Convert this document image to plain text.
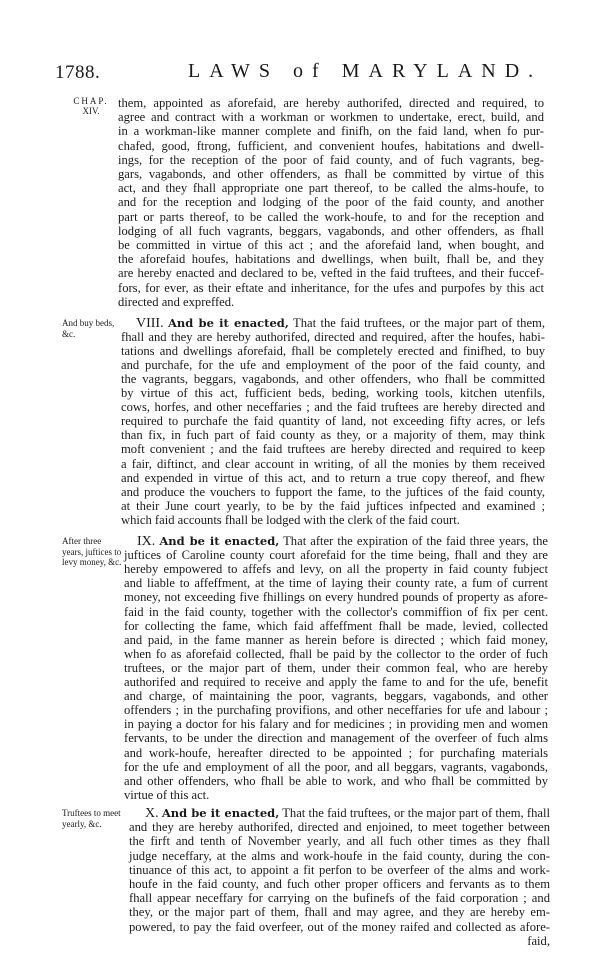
1788.	LAWS of MARYLAND.
CHAP.
XIV.
them, appointed as aforefaid, are hereby authorifed, directed and required, to
agree and contract with a workman or workmen to undertake, erect, build, and
in a workman-like manner complete and finifh, on the faid land, when fo pur-
chafed, good, ftrong, fufficient, and convenient houfes, habitations and dwell-
ings, for the reception of the poor of faid county, and of fuch vagrants, beg-
gars, vagabonds, and other offenders, as fhall be committed by virtue of this
act, and they fhall appropriate one part thereof, to be called the alms-houfe, to
and for the reception and lodging of the poor of the faid county, and another
part or parts thereof, to be called the work-houfe, to and for the reception and
lodging of all fuch vagrants, beggars, vagabonds, and other offenders, as fhall
be committed in virtue of this act ; and the aforefaid land, when bought, and
the aforefaid houfes, habitations and dwellings, when built, fhall be, and they
are hereby enacted and declared to be, vefted in the faid truftees, and their fuccef-
fors, for ever, as their eftate and inheritance, for the ufes and purpofes by this act
directed and expreffed.
And buy beds, &c.
VIII. And be it enacted, That the faid truftees, or the major part of them,
fhall and they are hereby authorifed, directed and required, after the houfes, habi-
tations and dwellings aforefaid, fhall be completely erected and finifhed, to buy
and purchafe, for the ufe and employment of the poor of the faid county, and
the vagrants, beggars, vagabonds, and other offenders, who fhall be committed
by virtue of this act, fufficient beds, beding, working tools, kitchen utenfils,
cows, horfes, and other neceffaries ; and the faid truftees are hereby directed and
required to purchafe the faid quantity of land, not exceeding fifty acres, or lefs
than fix, in fuch part of faid county as they, or a majority of them, may think
moft convenient ; and the faid truftees are hereby directed and required to keep
a fair, diftinct, and clear account in writing, of all the monies by them received
and expended in virtue of this act, and to return a true copy thereof, and fhew
and produce the vouchers to fupport the fame, to the juftices of the faid county,
at their June court yearly, to be by the faid juftices infpected and examined ;
which faid accounts fhall be lodged with the clerk of the faid court.
After three years, juftices to levy money, &c.
IX. And be it enacted, That after the expiration of the faid three years, the
juftices of Caroline county court aforefaid for the time being, fhall and they are
hereby empowered to affefs and levy, on all the property in faid county fubject
and liable to affeffment, at the time of laying their county rate, a fum of current
money, not exceeding five fhillings on every hundred pounds of property as afore-
faid in the faid county, together with the collector's commiffion of fix per cent.
for collecting the fame, which faid affeffment fhall be made, levied, collected
and paid, in the fame manner as herein before is directed ; which faid money,
when fo as aforefaid collected, fhall be paid by the collector to the order of fuch
truftees, or the major part of them, under their common feal, who are hereby
authorifed and required to receive and apply the fame to and for the ufe, benefit
and charge, of maintaining the poor, vagrants, beggars, vagabonds, and other
offenders ; in the purchafing provifions, and other neceffaries for ufe and labour ;
in paying a doctor for his falary and for medicines ; in providing men and women
fervants, to be under the direction and management of the overfeer of fuch alms
and work-houfe, hereafter directed to be appointed ; for purchafing materials
for the ufe and employment of all the poor, and all beggars, vagrants, vagabonds,
and other offenders, who fhall be able to work, and who fhall be committed by
virtue of this act.
Truftees to meet yearly, &c.
X. And be it enacted, That the faid truftees, or the major part of them, fhall
and they are hereby authorifed, directed and enjoined, to meet together between
the firft and tenth of November yearly, and all fuch other times as they fhall
judge neceffary, at the alms and work-houfe in the faid county, during the con-
tinuance of this act, to appoint a fit perfon to be overfeer of the alms and work-
houfe in the faid county, and fuch other proper officers and fervants as to them
fhall appear neceffary for carrying on the bufinefs of the faid corporation ; and
they, or the major part of them, fhall and may agree, and they are hereby em-
powered, to pay the faid overfeer, out of the money raifed and collected as afore-
faid,
